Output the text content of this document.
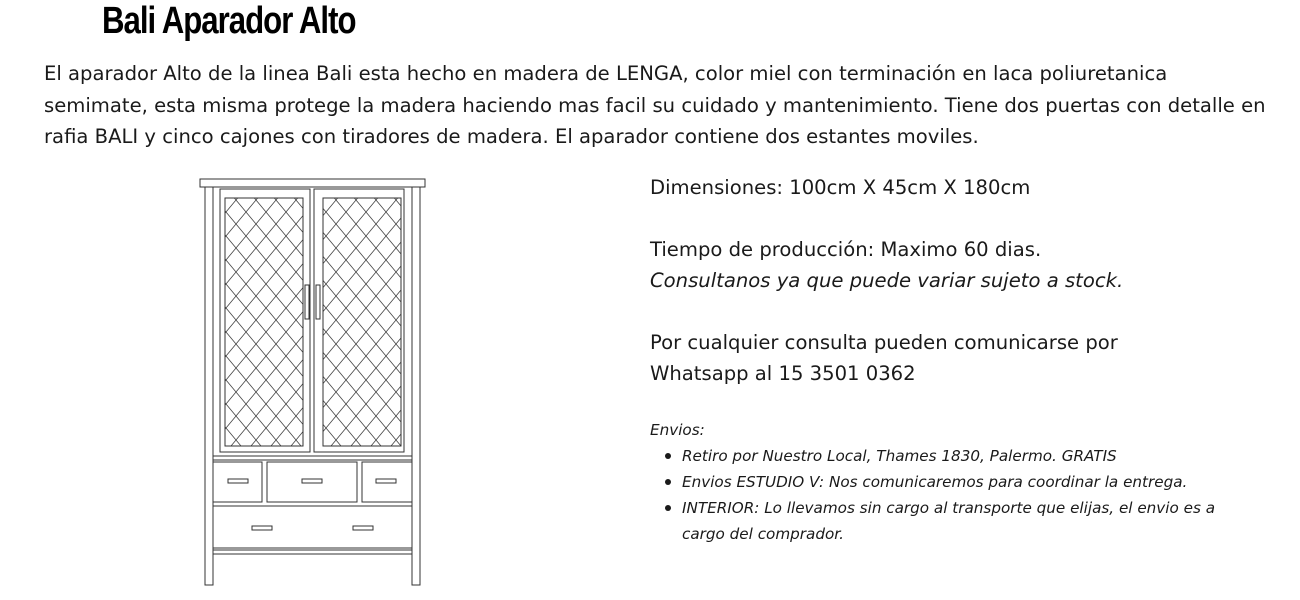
Bali Aparador Alto

El aparador Alto de la linea Bali esta hecho en madera de LENGA, color miel con terminación en laca poliuretanica semimate, esta misma protege la madera haciendo mas facil su cuidado y mantenimiento. Tiene dos puertas con detalle en rafia BALI y cinco cajones con tiradores de madera. El aparador contiene dos estantes moviles.

Dimensiones: 100cm X 45cm X 180cm

Tiempo de producción: Maximo 60 dias.

Consultanos ya que puede variar sujeto a stock.

Por cualquier consulta pueden comunicarse por Whatsapp al 15 3501 0362

Envios:
Retiro por Nuestro Local, Thames 1830, Palermo. GRATIS
Envios ESTUDIO V: Nos comunicaremos para coordinar la entrega.
INTERIOR: Lo llevamos sin cargo al transporte que elijas, el envio es a cargo del comprador.
